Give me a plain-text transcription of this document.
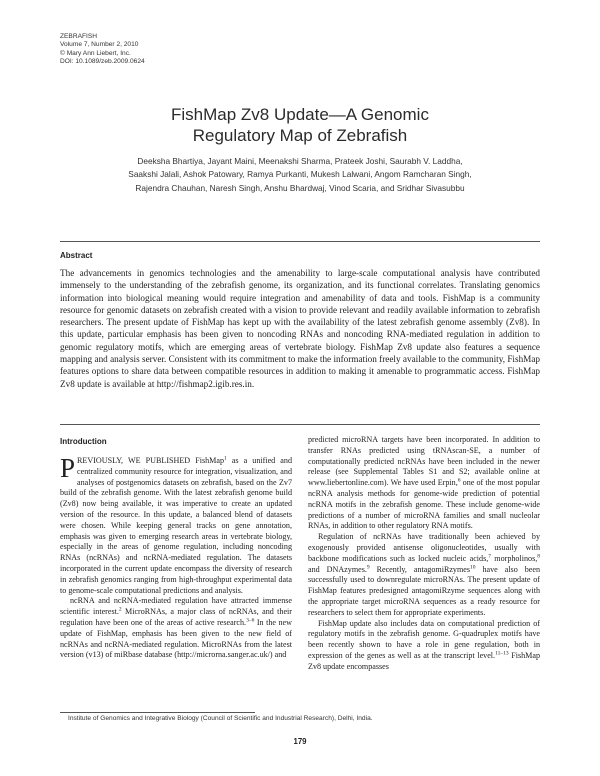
ZEBRAFISH
Volume 7, Number 2, 2010
© Mary Ann Liebert, Inc.
DOI: 10.1089/zeb.2009.0624
FishMap Zv8 Update—A Genomic
Regulatory Map of Zebrafish
Deeksha Bhartiya, Jayant Maini, Meenakshi Sharma, Prateek Joshi, Saurabh V. Laddha,
Saakshi Jalali, Ashok Patowary, Ramya Purkanti, Mukesh Lalwani, Angom Ramcharan Singh,
Rajendra Chauhan, Naresh Singh, Anshu Bhardwaj, Vinod Scaria, and Sridhar Sivasubbu
Abstract
The advancements in genomics technologies and the amenability to large-scale computational analysis have contributed immensely to the understanding of the zebrafish genome, its organization, and its functional correlates. Translating genomics information into biological meaning would require integration and amenability of data and tools. FishMap is a community resource for genomic datasets on zebrafish created with a vision to provide relevant and readily available information to zebrafish researchers. The present update of FishMap has kept up with the availability of the latest zebrafish genome assembly (Zv8). In this update, particular emphasis has been given to noncoding RNAs and noncoding RNA-mediated regulation in addition to genomic regulatory motifs, which are emerging areas of vertebrate biology. FishMap Zv8 update also features a sequence mapping and analysis server. Consistent with its commitment to make the information freely available to the community, FishMap features options to share data between compatible resources in addition to making it amenable to programmatic access. FishMap Zv8 update is available at http://fishmap2.igib.res.in.
Introduction

PREVIOUSLY, WE PUBLISHED FishMap$^1$ as a unified and centralized community resource for integration, visualization, and analyses of postgenomics datasets on zebrafish, based on the Zv7 build of the zebrafish genome. With the latest zebrafish genome build (Zv8) now being available, it was imperative to create an updated version of the resource. In this update, a balanced blend of datasets were chosen. While keeping general tracks on gene annotation, emphasis was given to emerging research areas in vertebrate biology, especially in the areas of genome regulation, including noncoding RNAs (ncRNAs) and ncRNA-mediated regulation. The datasets incorporated in the current update encompass the diversity of research in zebrafish genomics ranging from high-throughput experimental data to genome-scale computational predictions and analysis.

ncRNA and ncRNA-mediated regulation have attracted immense scientific interest.$^2$ MicroRNAs, a major class of ncRNAs, and their regulation have been one of the areas of active research.$^{3-6}$ In the new update of FishMap, emphasis has been given to the new field of ncRNAs and ncRNA-mediated regulation. MicroRNAs from the latest version (v13) of miRbase database (http://microrna.sanger.ac.uk/) and

predicted microRNA targets have been incorporated. In addition to transfer RNAs predicted using tRNAscan-SE, a number of computationally predicted ncRNAs have been included in the newer release (see Supplemental Tables S1 and S2; available online at www.liebertonline.com). We have used Erpin,$^6$ one of the most popular ncRNA analysis methods for genome-wide prediction of potential ncRNA motifs in the zebrafish genome. These include genome-wide predictions of a number of microRNA families and small nucleolar RNAs, in addition to other regulatory RNA motifs.

Regulation of ncRNAs have traditionally been achieved by exogenously provided antisense oligonucleotides, usually with backbone modifications such as locked nucleic acids,$^7$ morpholinos,$^8$ and DNAzymes.$^9$ Recently, antagomiRzymes$^{10}$ have also been successfully used to downregulate microRNAs. The present update of FishMap features predesigned antagomiRzyme sequences along with the appropriate target microRNA sequences as a ready resource for researchers to select them for appropriate experiments.

FishMap update also includes data on computational prediction of regulatory motifs in the zebrafish genome. G-quadruplex motifs have been recently shown to have a role in gene regulation, both in expression of the genes as well as at the transcript level.$^{11-13}$ FishMap Zv8 update encompasses

Institute of Genomics and Integrative Biology (Council of Scientific and Industrial Research), Delhi, India.
179
